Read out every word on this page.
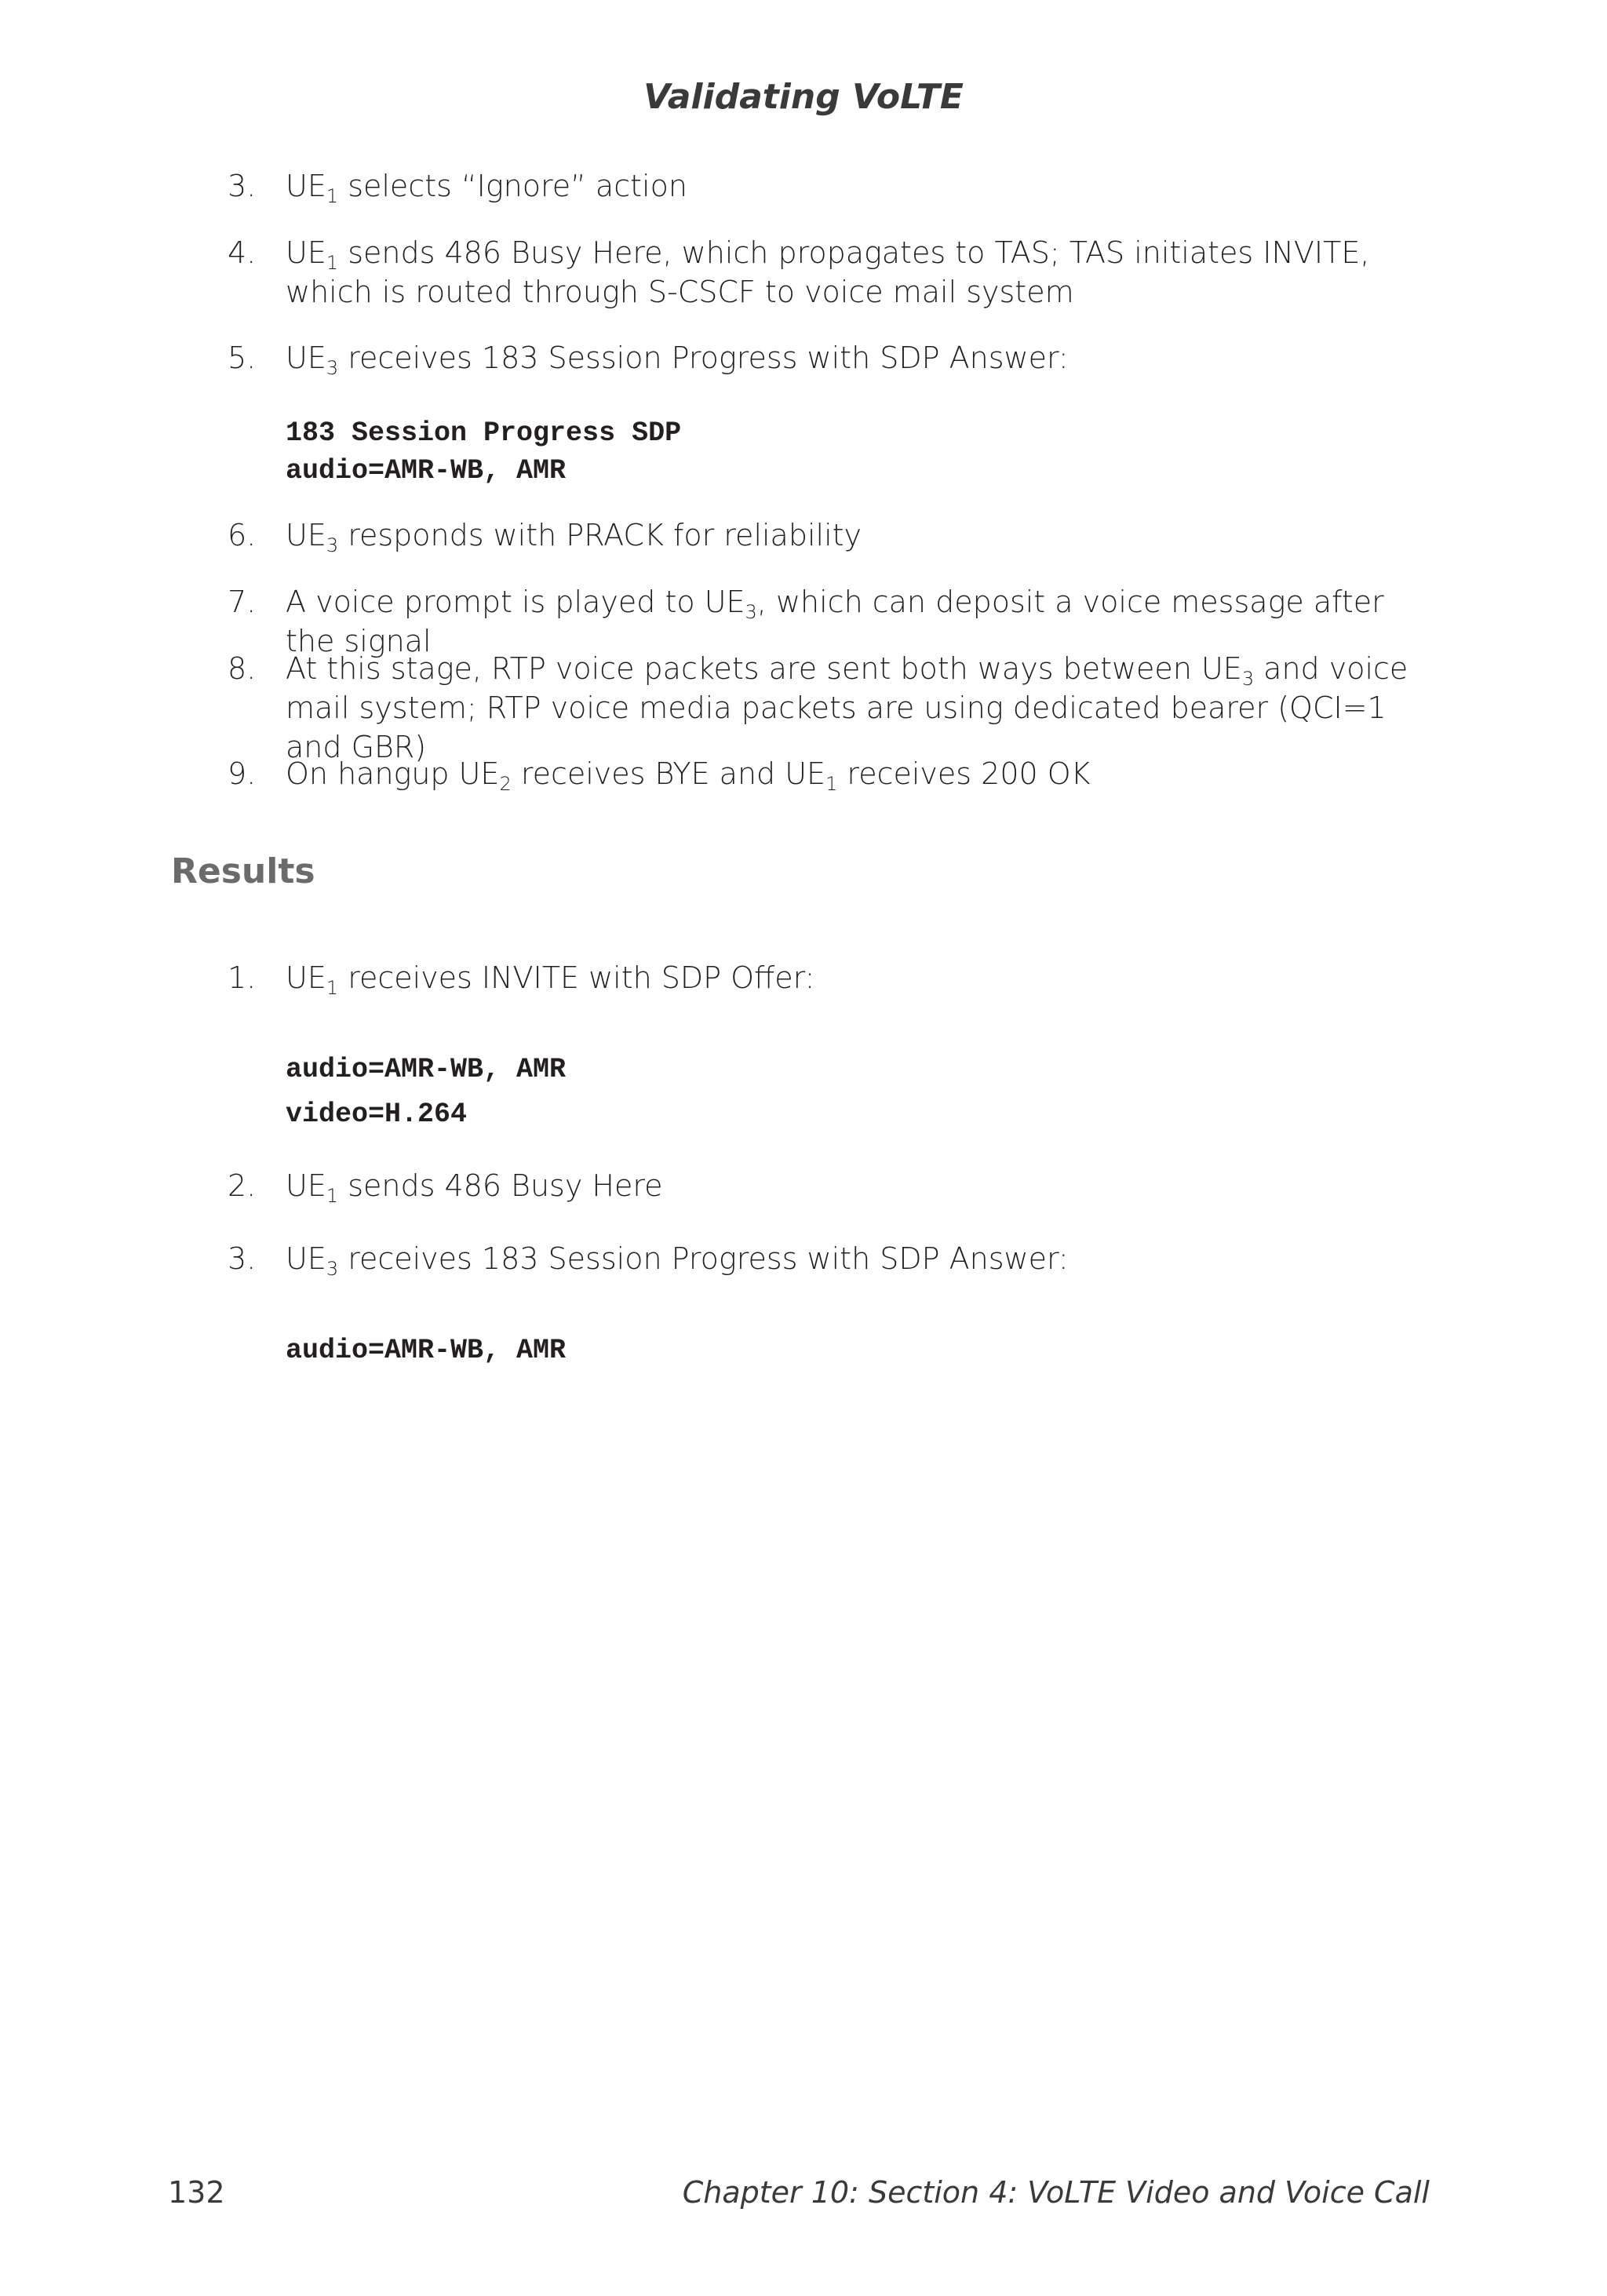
Validating VoLTE
3. $UE_1$ selects “Ignore” action
4. $UE_1$ sends 486 Busy Here, which propagates to TAS; TAS initiates INVITE, which is routed through S-CSCF to voice mail system
5. $UE_3$ receives 183 Session Progress with SDP Answer:
183 Session Progress SDP
audio=AMR-WB, AMR
6. $UE_3$ responds with PRACK for reliability
7. A voice prompt is played to $UE_3$, which can deposit a voice message after the signal
8. At this stage, RTP voice packets are sent both ways between $UE_3$ and voice mail system; RTP voice media packets are using dedicated bearer (QCI=1 and GBR)
9. On hangup $UE_2$ receives BYE and $UE_1$ receives 200 OK
Results
1. $UE_1$ receives INVITE with SDP Offer:
audio=AMR-WB, AMR
video=H.264
2. $UE_1$ sends 486 Busy Here
3. $UE_3$ receives 183 Session Progress with SDP Answer:
audio=AMR-WB, AMR
132	Chapter 10: Section 4: VoLTE Video and Voice Call
